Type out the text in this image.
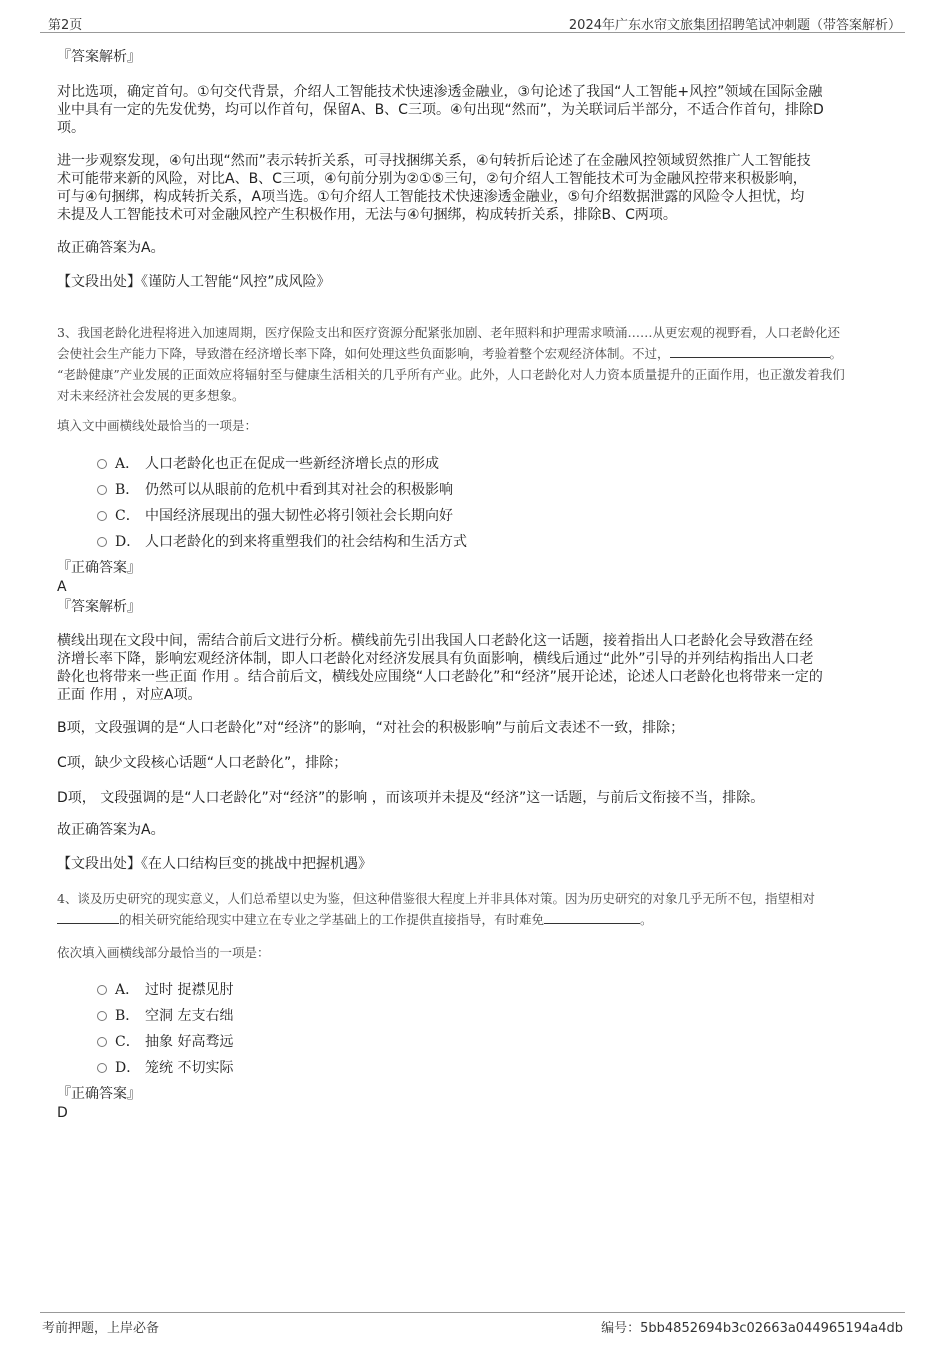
第2页	2024年广东水帘文旅集团招聘笔试冲刺题（带答案解析）
『答案解析』
对比选项，确定首句。①句交代背景，介绍人工智能技术快速渗透金融业，③句论述了我国“人工智能+风控”领域在国际金融
业中具有一定的先发优势，均可以作首句，保留A、B、C三项。④句出现“然而”，为关联词后半部分，不适合作首句，排除D
项。
进一步观察发现，④句出现“然而”表示转折关系，可寻找捆绑关系，④句转折后论述了在金融风控领域贸然推广人工智能技
术可能带来新的风险，对比A、B、C三项，④句前分别为②①⑤三句，②句介绍人工智能技术可为金融风控带来积极影响，
可与④句捆绑，构成转折关系，A项当选。①句介绍人工智能技术快速渗透金融业，⑤句介绍数据泄露的风险令人担忧，均
未提及人工智能技术可对金融风控产生积极作用，无法与④句捆绑，构成转折关系，排除B、C两项。
故正确答案为A。
【文段出处】《谨防人工智能“风控”成风险》
3、我国老龄化进程将进入加速周期，医疗保险支出和医疗资源分配紧张加剧、老年照料和护理需求喷涌……从更宏观的视野看，人口老龄化还
会使社会生产能力下降，导致潜在经济增长率下降，如何处理这些负面影响，考验着整个宏观经济体制。不过，	。
“老龄健康”产业发展的正面效应将辐射至与健康生活相关的几乎所有产业。此外，人口老龄化对人力资本质量提升的正面作用，也正激发着我们
对未来经济社会发展的更多想象。
填入文中画横线处最恰当的一项是：
A． 人口老龄化也正在促成一些新经济增长点的形成
B． 仍然可以从眼前的危机中看到其对社会的积极影响
C． 中国经济展现出的强大韧性必将引领社会长期向好
D． 人口老龄化的到来将重塑我们的社会结构和生活方式
『正确答案』
A
『答案解析』
横线出现在文段中间，需结合前后文进行分析。横线前先引出我国人口老龄化这一话题，接着指出人口老龄化会导致潜在经
济增长率下降，影响宏观经济体制，即人口老龄化对经济发展具有负面影响，横线后通过“此外”引导的并列结构指出人口老
龄化也将带来一些正面 作用 。结合前后文，横线处应围绕“人口老龄化”和“经济”展开论述，论述人口老龄化也将带来一定的
正面 作用 ，对应A项。
B项，文段强调的是“人口老龄化”对“经济”的影响，“对社会的积极影响”与前后文表述不一致，排除；
C项，缺少文段核心话题“人口老龄化”，排除；
D项， 文段强调的是“人口老龄化”对“经济”的影响 ，而该项并未提及“经济”这一话题，与前后文衔接不当，排除。
故正确答案为A。
【文段出处】《在人口结构巨变的挑战中把握机遇》
4、谈及历史研究的现实意义，人们总希望以史为鉴，但这种借鉴很大程度上并非具体对策。因为历史研究的对象几乎无所不包，指望相对
的相关研究能给现实中建立在专业之学基础上的工作提供直接指导，有时难免	。
依次填入画横线部分最恰当的一项是：
A． 过时 捉襟见肘
B． 空洞 左支右绌
C． 抽象 好高骛远
D． 笼统 不切实际
『正确答案』
D
考前押题，上岸必备	编号：5bb4852694b3c02663a044965194a4db
